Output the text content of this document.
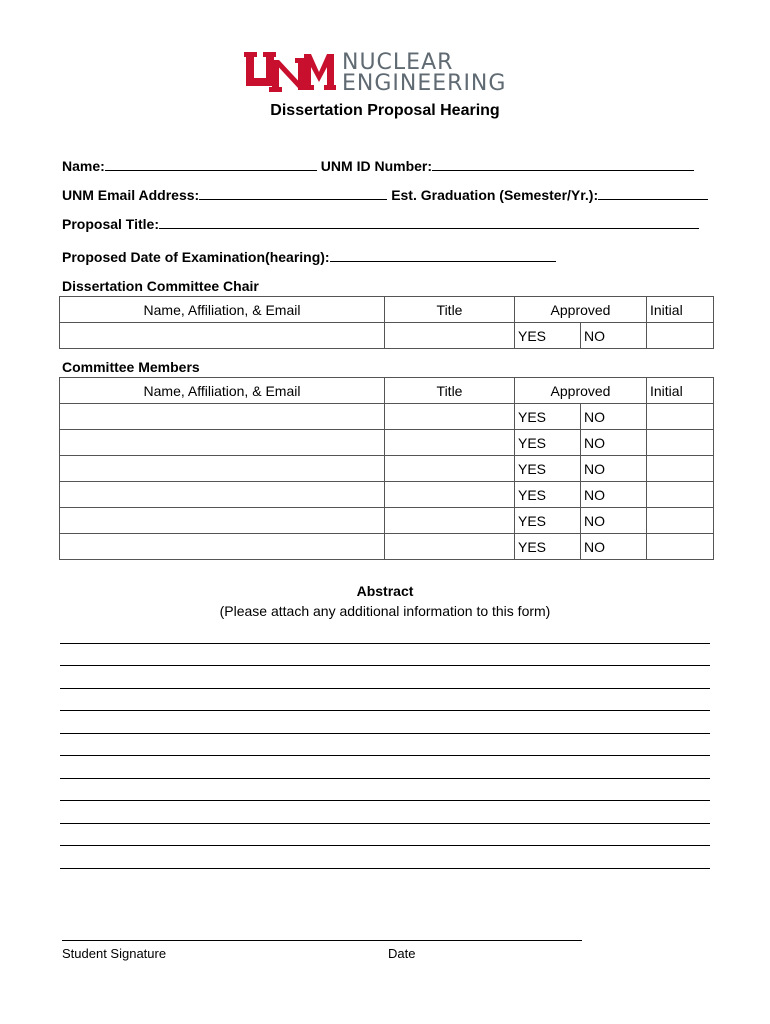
NUCLEAR
ENGINEERING
Dissertation Proposal Hearing
Name:	UNM ID Number:
UNM Email Address:	Est. Graduation (Semester/Yr.):
Proposal Title:
Proposed Date of Examination(hearing):
Dissertation Committee Chair
Name, Affiliation, & Email	Title	Approved		Initial
		YES	NO	
Committee Members
Name, Affiliation, & Email	Title	Approved		Initial
		YES	NO	
		YES	NO	
		YES	NO	
		YES	NO	
		YES	NO	
		YES	NO	
Abstract
(Please attach any additional information to this form)
Student Signature	Date
